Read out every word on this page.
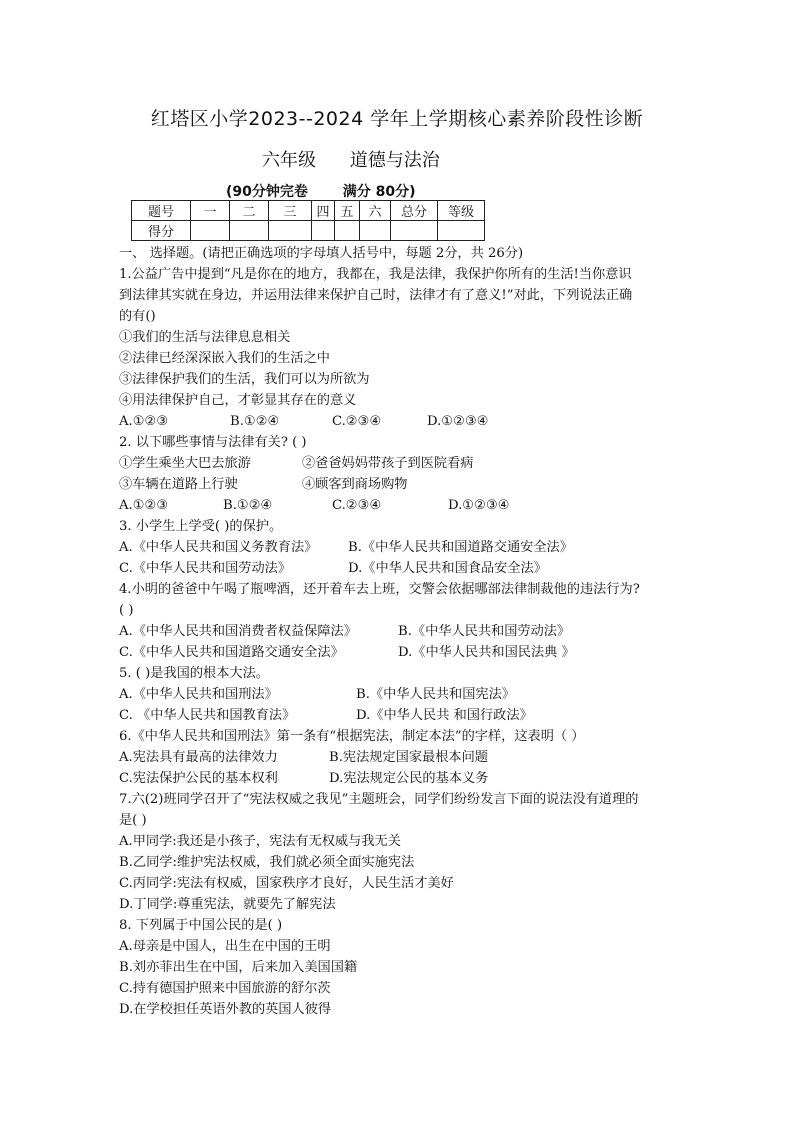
红塔区小学2023--2024 学年上学期核心素养阶段性诊断
六年级 道德与法治
(90分钟完卷 满分 80分)
题号	一	二	三	四	五	六	总分	等级
得分								
一、 选择题。(请把正确选项的字母填人括号中，每题 2分，共 26分)
1.公益广告中提到“凡是你在的地方，我都在，我是法律，我保护你所有的生活!当你意识
到法律其实就在身边，并运用法律来保护自己时，法律才有了意义!”对此，下列说法正确
的有()
①我们的生活与法律息息相关
②法律已经深深嵌入我们的生活之中
③法律保护我们的生活，我们可以为所欲为
④用法律保护自己，才彰显其存在的意义
A.①②③	B.①②④	C.②③④	D.①②③④
2. 以下哪些事情与法律有关? ( )
①学生乘坐大巴去旅游	②爸爸妈妈带孩子到医院看病
③车辆在道路上行驶	④顾客到商场购物
A.①②③	B.①②④	C.②③④	D.①②③④
3. 小学生上学受( )的保护。
A.《中华人民共和国义务教育法》 B.《中华人民共和国道路交通安全法》
C.《中华人民共和国劳动法》	D.《中华人民共和国食品安全法》
4.小明的爸爸中午喝了瓶啤酒，还开着车去上班，交警会依据哪部法律制裁他的违法行为?
( )
A.《中华人民共和国消费者权益保障法》	B.《中华人民共和国劳动法》
C.《中华人民共和国道路交通安全法》	D.《中华人民共和国民法典 》
5. ( )是我国的根本大法。
A.《中华人民共和国刑法》	B.《中华人民共和国宪法》
C. 《中华人民共和国教育法》	D.《中华人民共 和国行政法》
6.《中华人民共和国刑法》第一条有“根据宪法，制定本法”的字样，这表明（ ）
A.宪法具有最高的法律效力	B.宪法规定国家最根本问题
C.宪法保护公民的基本权利	D.宪法规定公民的基本义务
7.六(2)班同学召开了“宪法权威之我见”主题班会，同学们纷纷发言下面的说法没有道理的
是( )
A.甲同学:我还是小孩子，宪法有无权威与我无关
B.乙同学:维护宪法权威，我们就必须全面实施宪法
C.丙同学:宪法有权威，国家秩序才良好，人民生活才美好
D.丁同学:尊重宪法，就要先了解宪法
8. 下列属于中国公民的是( )
A.母亲是中国人，出生在中国的王明
B.刘亦菲出生在中国，后来加入美国国籍
C.持有德国护照来中国旅游的舒尔茨
D.在学校担任英语外教的英国人彼得
